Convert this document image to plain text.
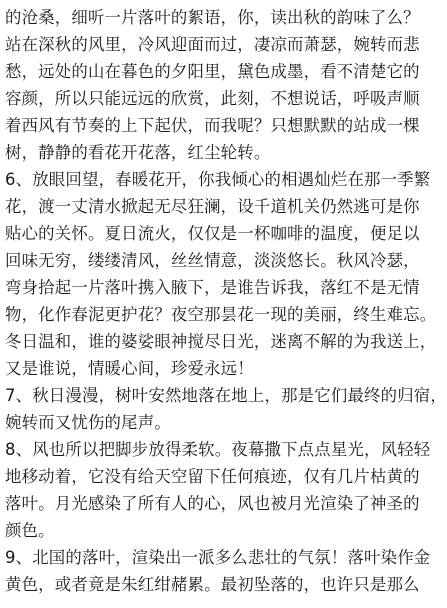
的沧桑，细听一片落叶的絮语，你，读出秋的韵味了么？
站在深秋的风里，冷风迎面而过，凄凉而萧瑟，婉转而悲
愁，远处的山在暮色的夕阳里，黛色成墨，看不清楚它的
容颜，所以只能远远的欣赏，此刻，不想说话，呼吸声顺
着西风有节奏的上下起伏，而我呢？只想默默的站成一棵
树，静静的看花开花落，红尘轮转。
6、放眼回望，春暖花开，你我倾心的相遇灿烂在那一季繁
花，渡一丈清水掀起无尽狂澜，设千道机关仍然逃可是你
贴心的关怀。夏日流火，仅仅是一杯咖啡的温度，便足以
回味无穷，缕缕清风，丝丝情意，淡淡悠长。秋风冷瑟，
弯身拾起一片落叶携入腋下，是谁告诉我，落红不是无情
物，化作春泥更护花？夜空那昙花一现的美丽，终生难忘。
冬日温和，谁的婆娑眼神搅尽日光，迷离不解的为我送上，
又是谁说，情暖心间，珍爱永远！
7、秋日漫漫，树叶安然地落在地上，那是它们最终的归宿，
婉转而又忧伤的尾声。
8、风也所以把脚步放得柔软。夜幕撒下点点星光，风轻轻
地移动着，它没有给天空留下任何痕迹，仅有几片枯黄的
落叶。月光感染了所有人的心，风也被月光渲染了神圣的
颜色。
9、北国的落叶，渲染出一派多么悲壮的气氛！落叶染作金
黄色，或者竟是朱红绀赭累。最初坠落的，也许只是那么
